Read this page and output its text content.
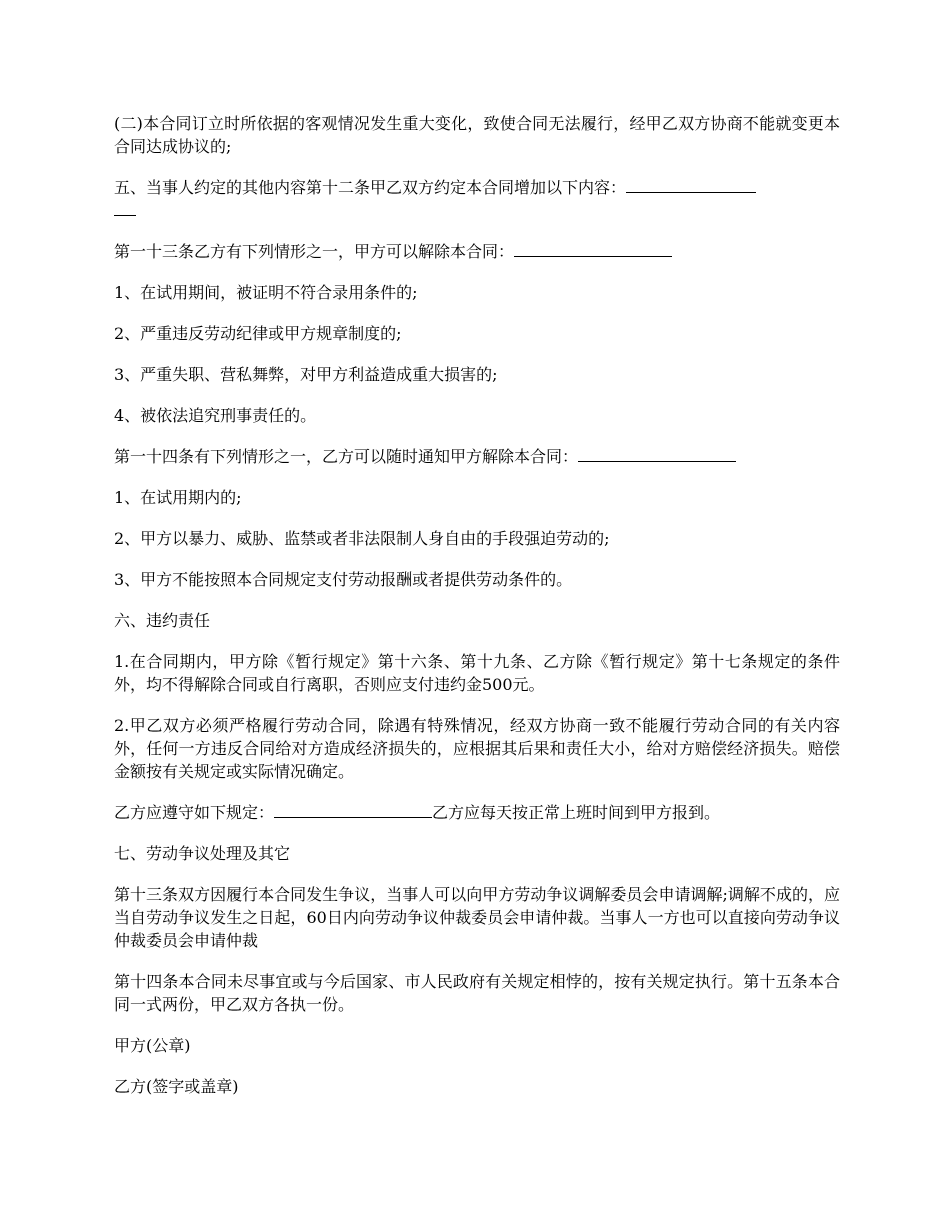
(二)本合同订立时所依据的客观情况发生重大变化，致使合同无法履行，经甲乙双方协商不能就变更本合同达成协议的;

五、当事人约定的其他内容第十二条甲乙双方约定本合同增加以下内容：

第一十三条乙方有下列情形之一，甲方可以解除本合同：

1、在试用期间，被证明不符合录用条件的;

2、严重违反劳动纪律或甲方规章制度的;

3、严重失职、营私舞弊，对甲方利益造成重大损害的;

4、被依法追究刑事责任的。

第一十四条有下列情形之一，乙方可以随时通知甲方解除本合同：

1、在试用期内的;

2、甲方以暴力、威胁、监禁或者非法限制人身自由的手段强迫劳动的;

3、甲方不能按照本合同规定支付劳动报酬或者提供劳动条件的。

六、违约责任

1.在合同期内，甲方除《暂行规定》第十六条、第十九条、乙方除《暂行规定》第十七条规定的条件外，均不得解除合同或自行离职，否则应支付违约金500元。

2.甲乙双方必须严格履行劳动合同，除遇有特殊情况，经双方协商一致不能履行劳动合同的有关内容外，任何一方违反合同给对方造成经济损失的，应根据其后果和责任大小，给对方赔偿经济损失。赔偿金额按有关规定或实际情况确定。

乙方应遵守如下规定：	乙方应每天按正常上班时间到甲方报到。

七、劳动争议处理及其它

第十三条双方因履行本合同发生争议，当事人可以向甲方劳动争议调解委员会申请调解;调解不成的，应当自劳动争议发生之日起，60日内向劳动争议仲裁委员会申请仲裁。当事人一方也可以直接向劳动争议仲裁委员会申请仲裁

第十四条本合同未尽事宜或与今后国家、市人民政府有关规定相悖的，按有关规定执行。第十五条本合同一式两份，甲乙双方各执一份。

甲方(公章)

乙方(签字或盖章)
